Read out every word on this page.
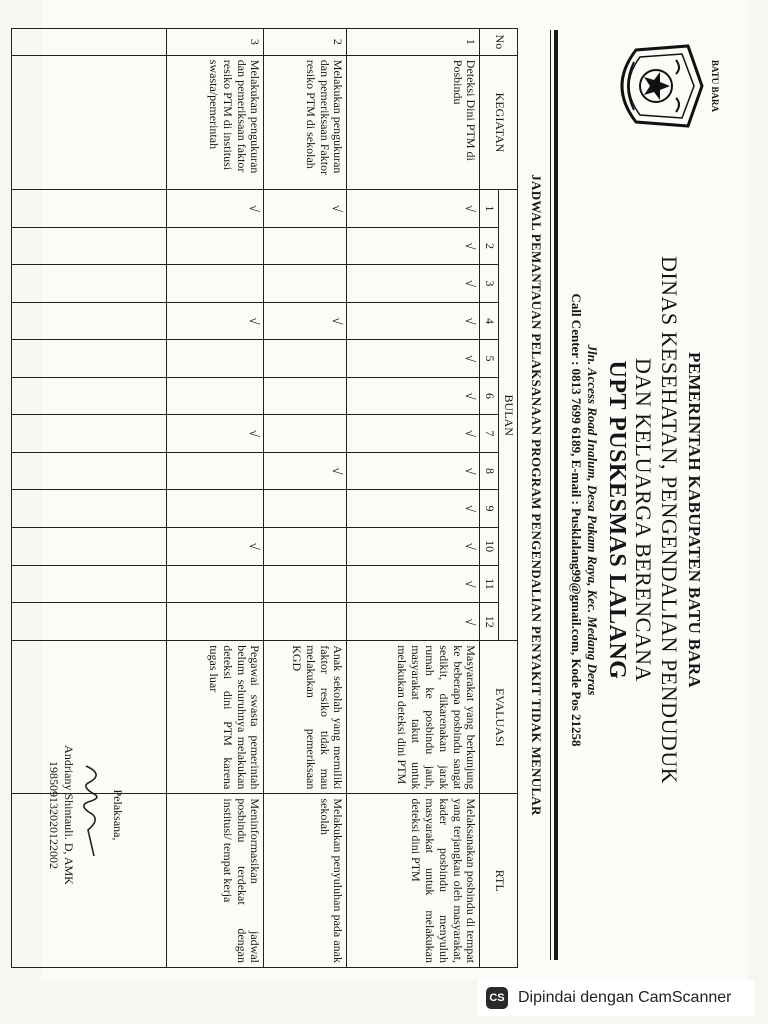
BATU BARA
PEMERINTAH KABUPATEN BATU BARA
DINAS KESEHATAN, PENGENDALIAN PENDUDUK
DAN KELUARGA BERENCANA
UPT PUSKESMAS LALANG
Jln. Access Road Inalum, Desa Pakam Raya, Kec. Medang Deras
Call Center : 0813 7699 6189, E-mail : Pusklalang99@gmail.com, Kode Pos 21258
JADWAL PEMANTAUAN PELAKSANAAN PROGRAM PENGENDALIAN PENYAKIT TIDAK MENULAR
No	KEGIATAN	BULAN												EVALUASI	RTL
		1	2	3	4	5	6	7	8	9	10	11	12		
1	Deteksi Dini PTM di Posbindu	√	√	√	√	√	√	√	√	√	√	√	√	Masyarakat yang berkunjung ke beberapa posbindu sangat sedikit, dikarenakan jarak rumah ke posbindu jauh, masyarakat takut untuk melakukan deteksi dini PTM	Melaksanakan posbindu di tempat yang terjangkau oleh masyarakat, kader posbindu menyuluh masyarakat untuk melakukan deteksi dini PTM
2	Melakukan pengukuran dan pemeriksaan Faktor resiko PTM di sekolah	√			√				√					Anak sekolah yang memiliki faktor resiko tidak mau melakukan pemeriksaan KGD	Melakukan penyuluhan pada anak sekolah
3	Melakukan pengukuran dan pemeriksaan faktor resiko PTM di institusi swasta/pemerintah	√			√			√			√			Pegawai swasta pemerintah belum seluruhnya melakukan deteksi dini PTM karena tugas luar	Meninformasikan jadwal posbindu terdekat dengan institusi/ tempat kerja

Pelaksana,
Andriany Shintauli. D, AMK
198509132020122002
CS Dipindai dengan CamScanner
